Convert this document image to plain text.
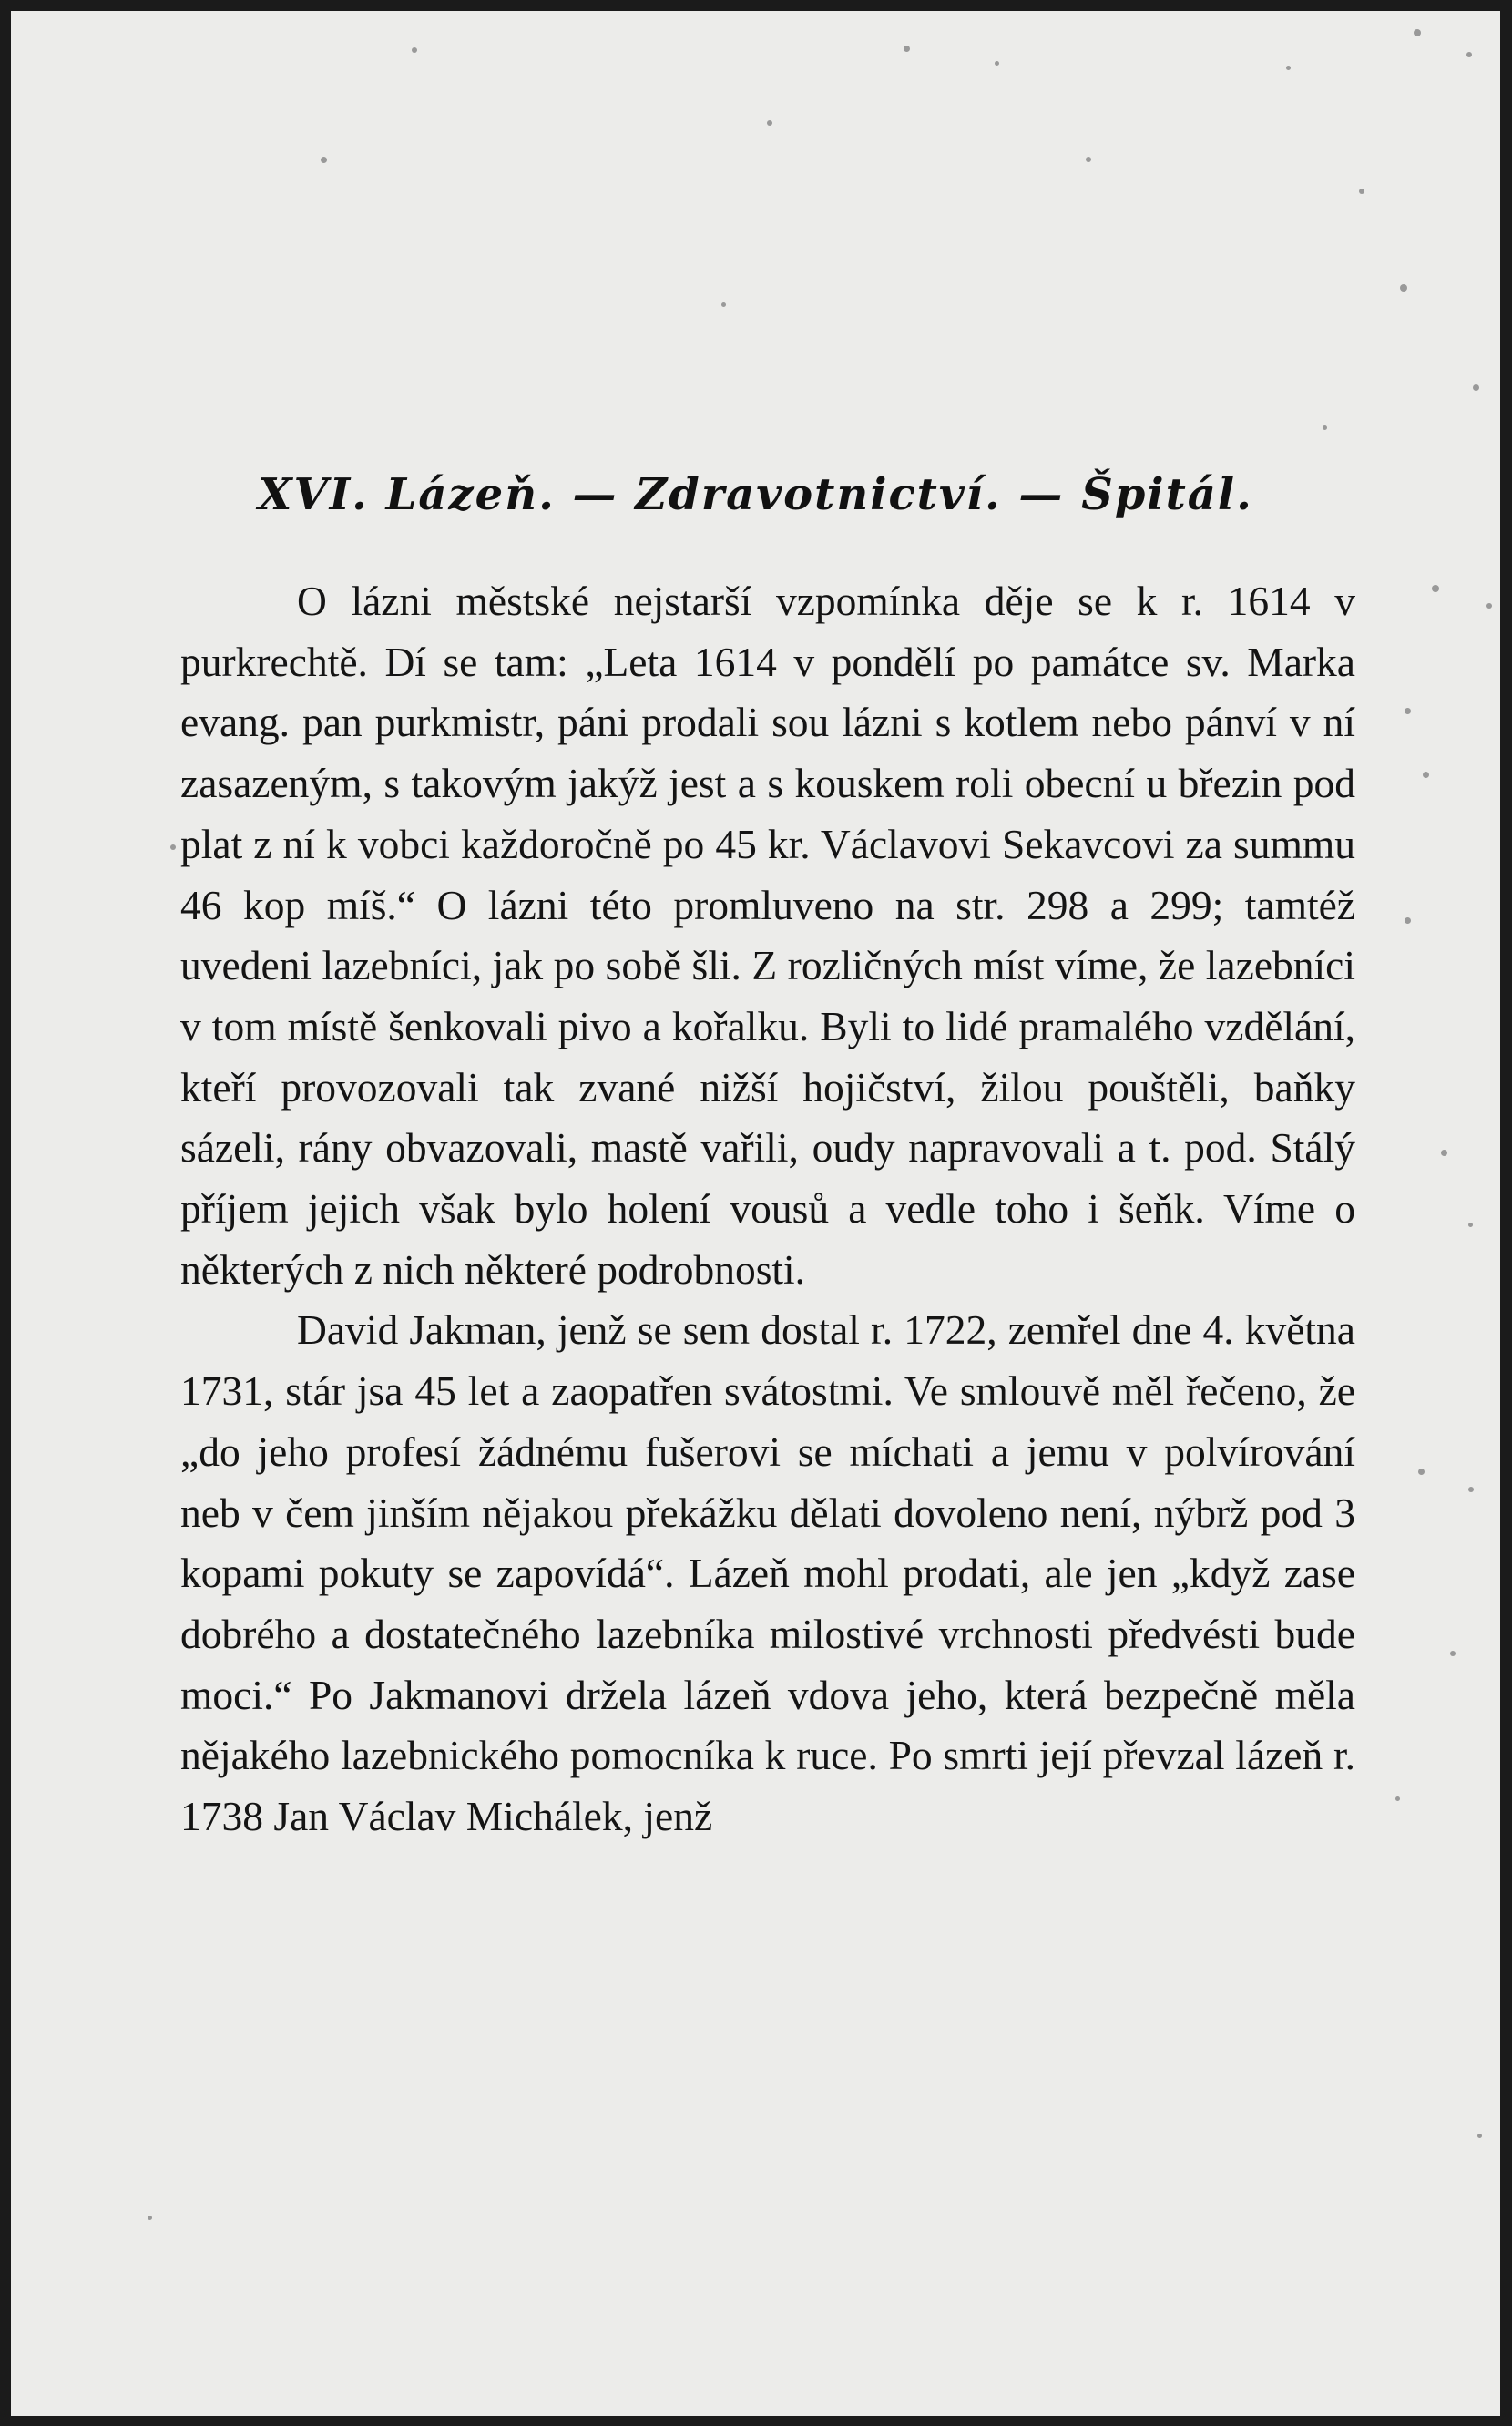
XVI. Lázeň. — Zdravotnictví. — Špitál.

O lázni městské nejstarší vzpomínka děje se k r. 1614 v purkrechtě. Dí se tam: „Leta 1614 v pondělí po památce sv. Marka evang. pan purkmistr, páni prodali sou lázni s kotlem nebo pánví v ní zasazeným, s takovým jakýž jest a s kouskem roli obecní u březin pod plat z ní k vobci každoročně po 45 kr. Václavovi Sekavcovi za summu 46 kop míš.“ O lázni této promluveno na str. 298 a 299; tamtéž uvedeni lazebníci, jak po sobě šli. Z rozličných míst víme, že lazebníci v tom místě šenkovali pivo a kořalku. Byli to lidé pramalého vzdělání, kteří provozovali tak zvané nižší hojičství, žilou pouštěli, baňky sázeli, rány obvazovali, mastě vařili, oudy napravovali a t. pod. Stálý příjem jejich však bylo holení vousů a vedle toho i šeňk. Víme o některých z nich některé podrobnosti.

David Jakman, jenž se sem dostal r. 1722, zemřel dne 4. května 1731, stár jsa 45 let a zaopatřen svátostmi. Ve smlouvě měl řečeno, že „do jeho profesí žádnému fušerovi se míchati a jemu v polvírování neb v čem jinším nějakou překážku dělati dovoleno není, nýbrž pod 3 kopami pokuty se zapovídá“. Lázeň mohl prodati, ale jen „když zase dobrého a dostatečného lazebníka milostivé vrchnosti předvésti bude moci.“ Po Jakmanovi držela lázeň vdova jeho, která bezpečně měla nějakého lazebnického pomocníka k ruce. Po smrti její převzal lázeň r. 1738 Jan Václav Michálek, jenž
